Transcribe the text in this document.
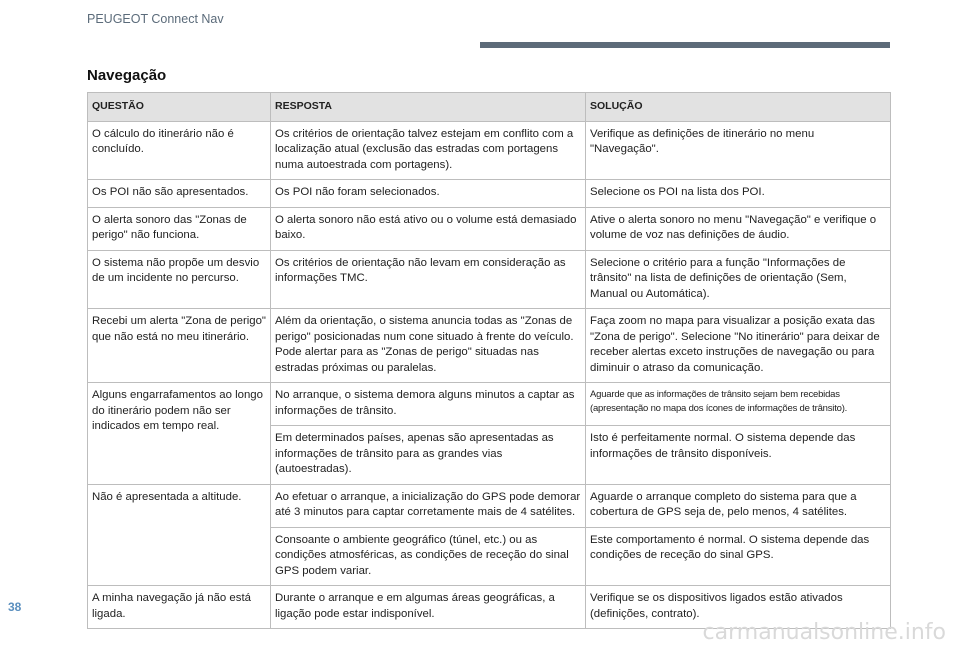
PEUGEOT Connect Nav
Navegação
QUESTÃO	RESPOSTA	SOLUÇÃO
O cálculo do itinerário não é concluído.	Os critérios de orientação talvez estejam em conflito com a localização atual (exclusão das estradas com portagens numa autoestrada com portagens).	Verifique as definições de itinerário no menu "Navegação".
Os POI não são apresentados.	Os POI não foram selecionados.	Selecione os POI na lista dos POI.
O alerta sonoro das "Zonas de perigo" não funciona.	O alerta sonoro não está ativo ou o volume está demasiado baixo.	Ative o alerta sonoro no menu "Navegação" e verifique o volume de voz nas definições de áudio.
O sistema não propõe um desvio de um incidente no percurso.	Os critérios de orientação não levam em consideração as informações TMC.	Selecione o critério para a função "Informações de trânsito" na lista de definições de orientação (Sem, Manual ou Automática).
Recebi um alerta "Zona de perigo" que não está no meu itinerário.	Além da orientação, o sistema anuncia todas as "Zonas de perigo" posicionadas num cone situado à frente do veículo. Pode alertar para as "Zonas de perigo" situadas nas estradas próximas ou paralelas.	Faça zoom no mapa para visualizar a posição exata das "Zona de perigo". Selecione "No itinerário" para deixar de receber alertas exceto instruções de navegação ou para diminuir o atraso da comunicação.
Alguns engarrafamentos ao longo do itinerário podem não ser indicados em tempo real.	No arranque, o sistema demora alguns minutos a captar as informações de trânsito.	Aguarde que as informações de trânsito sejam bem recebidas (apresentação no mapa dos ícones de informações de trânsito).
	Em determinados países, apenas são apresentadas as informações de trânsito para as grandes vias (autoestradas).	Isto é perfeitamente normal. O sistema depende das informações de trânsito disponíveis.
Não é apresentada a altitude.	Ao efetuar o arranque, a inicialização do GPS pode demorar até 3 minutos para captar corretamente mais de 4 satélites.	Aguarde o arranque completo do sistema para que a cobertura de GPS seja de, pelo menos, 4 satélites.
	Consoante o ambiente geográfico (túnel, etc.) ou as condições atmosféricas, as condições de receção do sinal GPS podem variar.	Este comportamento é normal. O sistema depende das condições de receção do sinal GPS.
A minha navegação já não está ligada.	Durante o arranque e em algumas áreas geográficas, a ligação pode estar indisponível.	Verifique se os dispositivos ligados estão ativados (definições, contrato).
38
carmanualsonline.info
